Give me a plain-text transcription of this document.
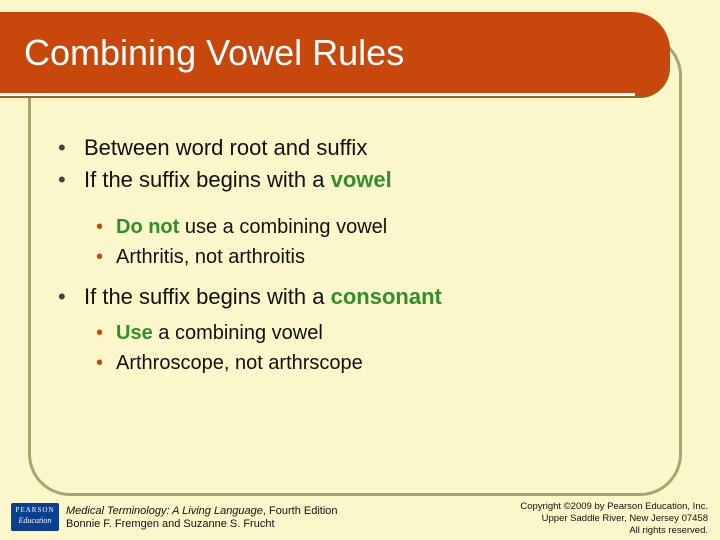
Combining Vowel Rules
• Between word root and suffix
• If the suffix begins with a vowel
• Do not use a combining vowel
• Arthritis, not arthroitis
• If the suffix begins with a consonant
• Use a combining vowel
• Arthroscope, not arthrscope
PEARSON
Education
Medical Terminology: A Living Language, Fourth Edition
Bonnie F. Fremgen and Suzanne S. Frucht
Copyright ©2009 by Pearson Education, Inc.
Upper Saddle River, New Jersey 07458
All rights reserved.
